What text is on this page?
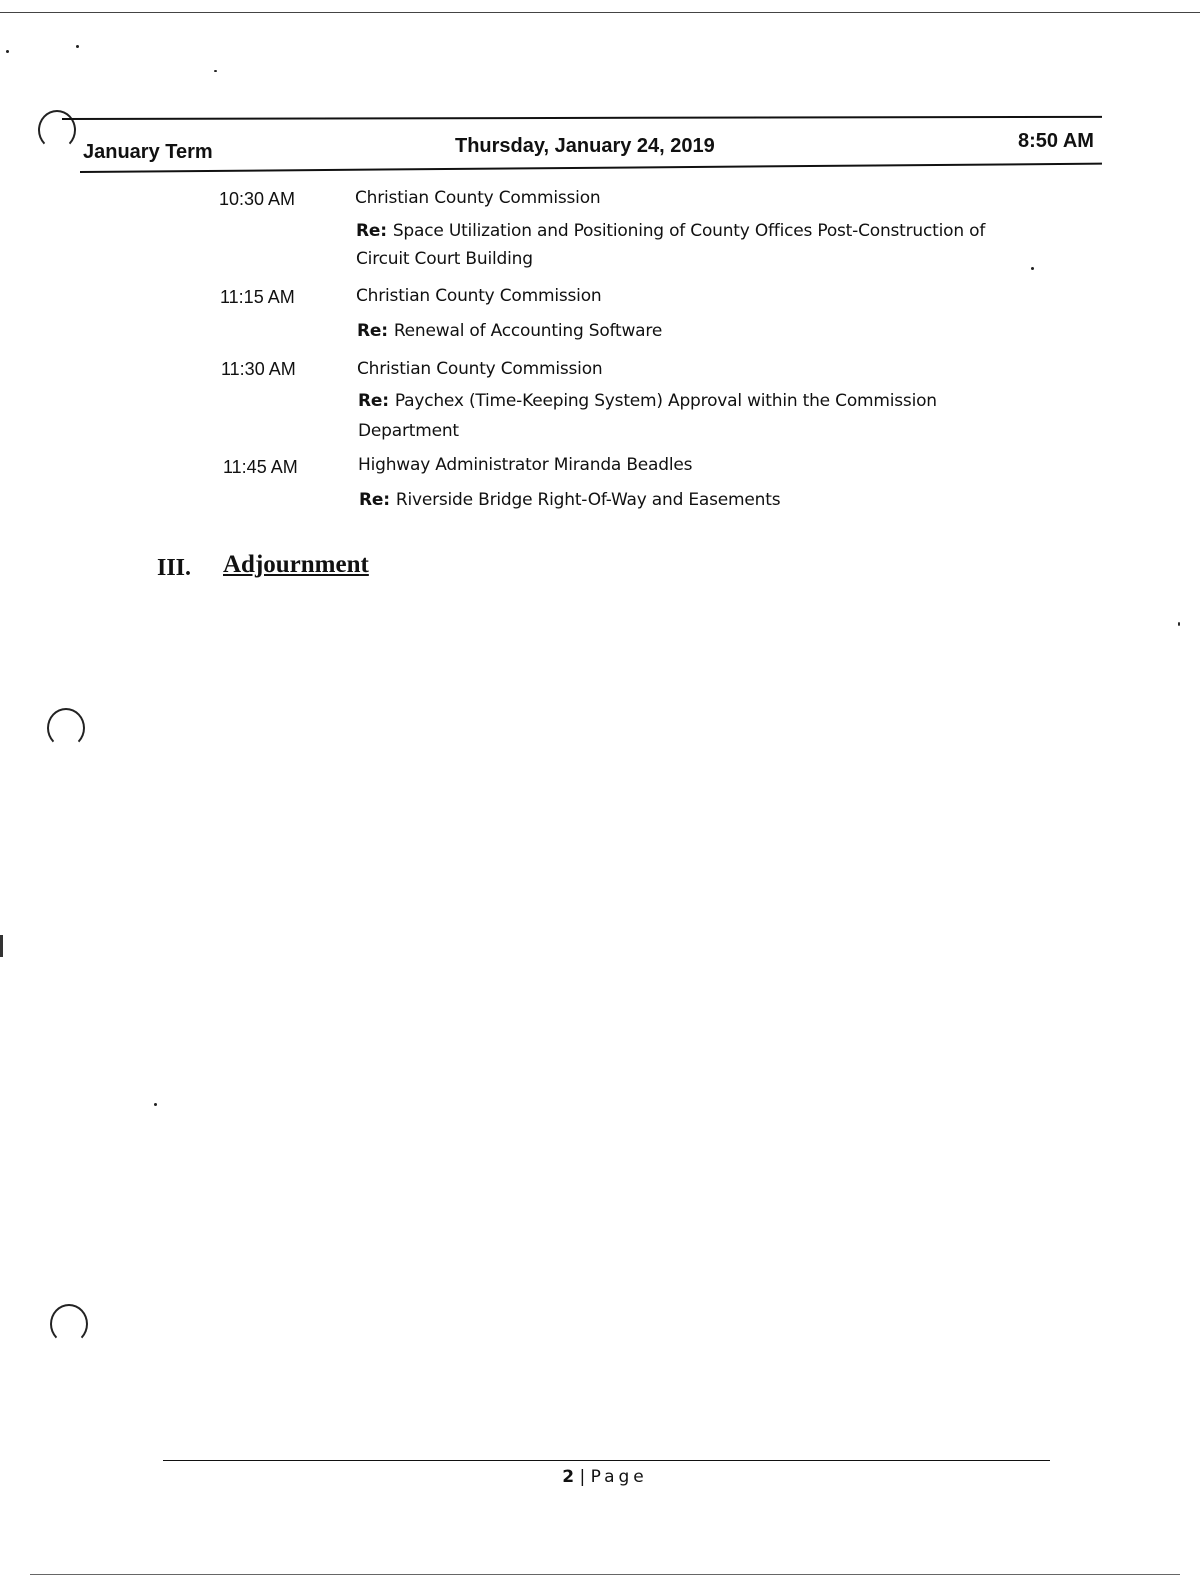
January Term	Thursday, January 24, 2019	8:50 AM
10:30 AM	Christian County Commission
Re: Space Utilization and Positioning of County Offices Post-Construction of
Circuit Court Building
11:15 AM	Christian County Commission
Re: Renewal of Accounting Software
11:30 AM	Christian County Commission
Re: Paychex (Time-Keeping System) Approval within the Commission
Department
11:45 AM	Highway Administrator Miranda Beadles
Re: Riverside Bridge Right-Of-Way and Easements
III. Adjournment
2 | Page
